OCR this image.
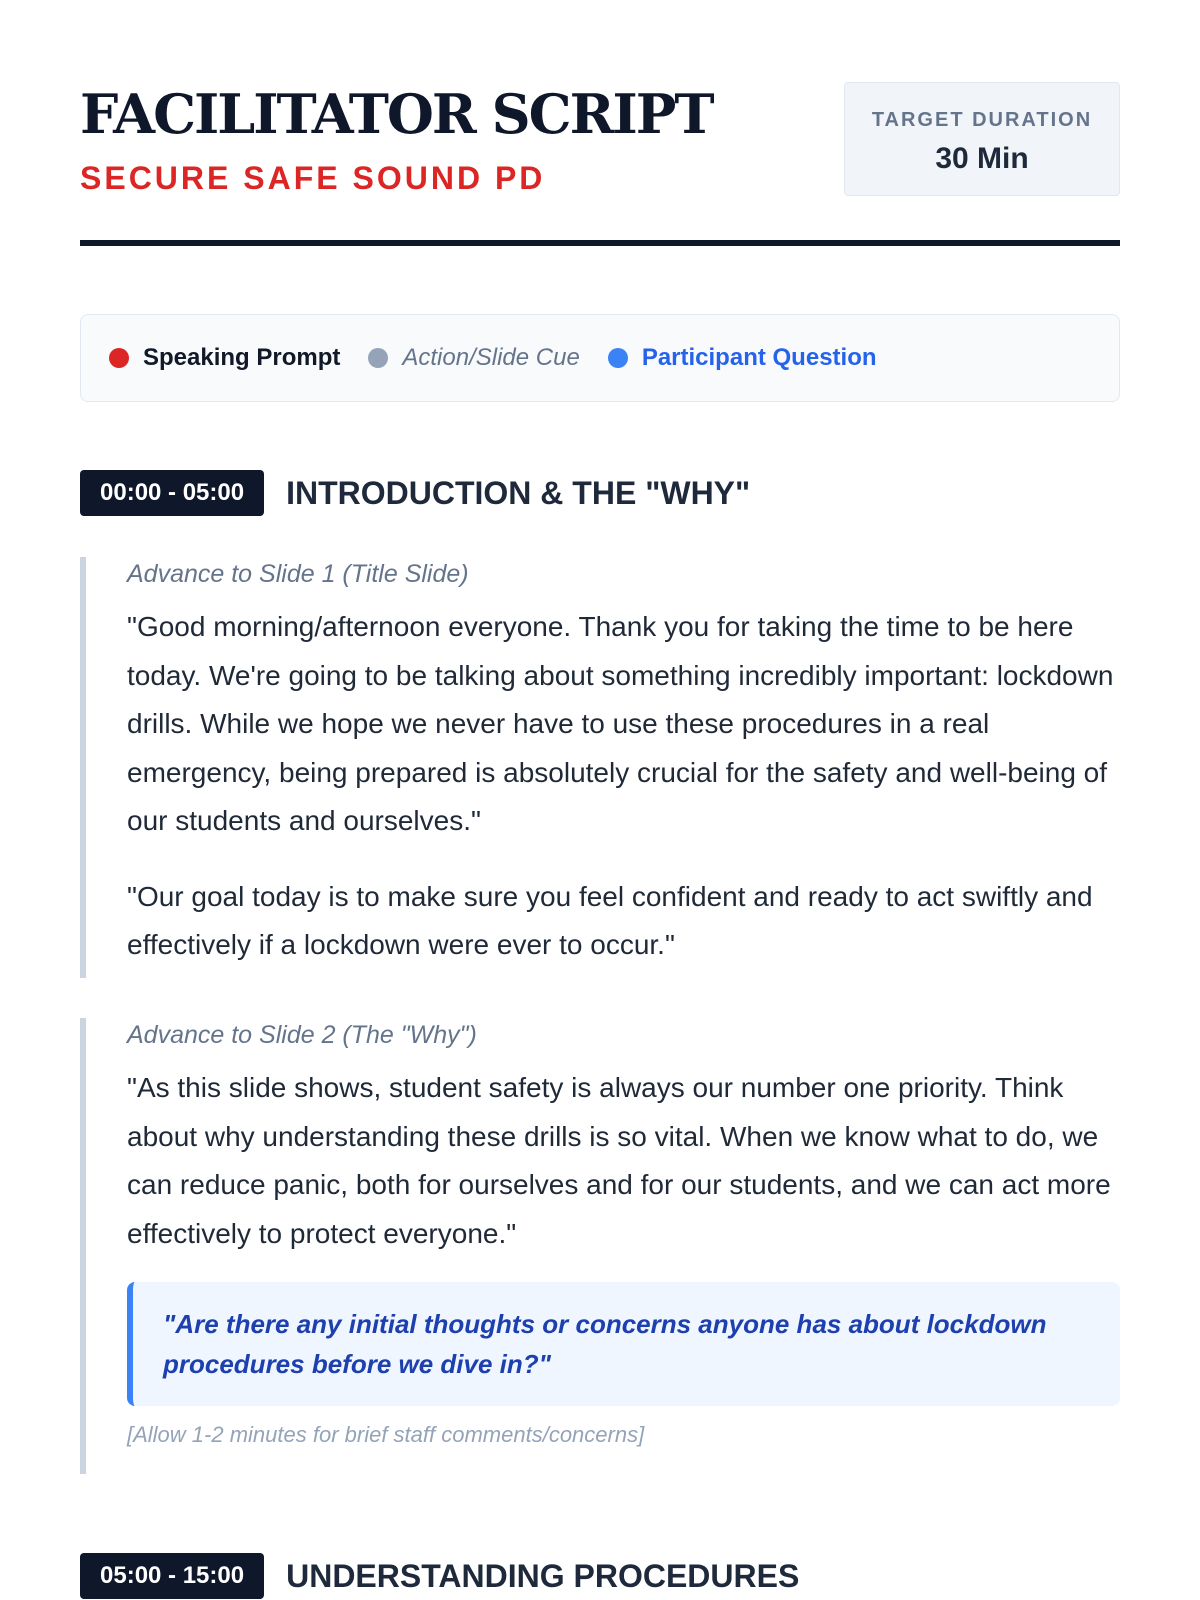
FACILITATOR SCRIPT
SECURE SAFE SOUND PD
TARGET DURATION
30 Min
Speaking Prompt	Action/Slide Cue	Participant Question
00:00 - 05:00	INTRODUCTION & THE "WHY"

Advance to Slide 1 (Title Slide)

"Good morning/afternoon everyone. Thank you for taking the time to be here today. We're going to be talking about something incredibly important: lockdown drills. While we hope we never have to use these procedures in a real emergency, being prepared is absolutely crucial for the safety and well-being of our students and ourselves."

"Our goal today is to make sure you feel confident and ready to act swiftly and effectively if a lockdown were ever to occur."

Advance to Slide 2 (The "Why")

"As this slide shows, student safety is always our number one priority. Think about why understanding these drills is so vital. When we know what to do, we can reduce panic, both for ourselves and for our students, and we can act more effectively to protect everyone."

"Are there any initial thoughts or concerns anyone has about lockdown procedures before we dive in?"

[Allow 1-2 minutes for brief staff comments/concerns]

05:00 - 15:00	UNDERSTANDING PROCEDURES
